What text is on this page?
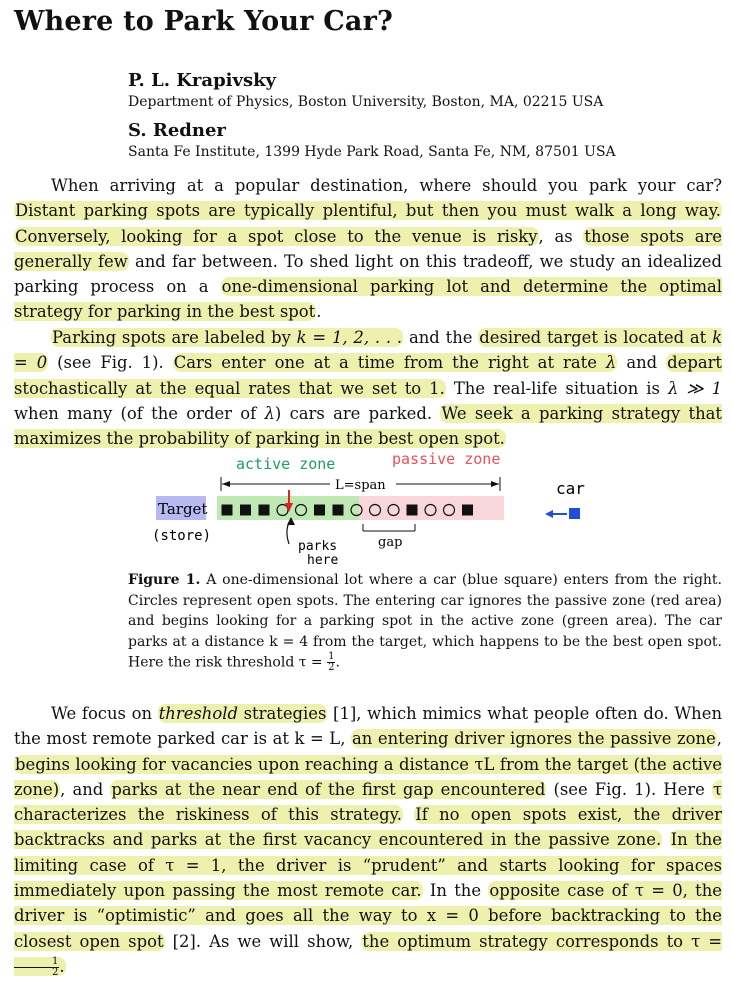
Where to Park Your Car?
P. L. Krapivsky
Department of Physics, Boston University, Boston, MA, 02215 USA
S. Redner
Santa Fe Institute, 1399 Hyde Park Road, Santa Fe, NM, 87501 USA
When arriving at a popular destination, where should you park your car? Distant parking spots are typically plentiful, but then you must walk a long way. Conversely, looking for a spot close to the venue is risky, as those spots are generally few and far between. To shed light on this tradeoff, we study an idealized parking process on a one-dimensional parking lot and determine the optimal strategy for parking in the best spot.
Parking spots are labeled by k = 1, 2, . . . and the desired target is located at k = 0 (see Fig. 1). Cars enter one at a time from the right at rate λ and depart stochastically at the equal rates that we set to 1. The real-life situation is λ ≫ 1 when many (of the order of λ) cars are parked. We seek a parking strategy that maximizes the probability of parking in the best open spot.
active zone	passive zone
L=span
Target
(store)
parks
here
gap
car
Figure 1. A one-dimensional lot where a car (blue square) enters from the right. Circles represent open spots. The entering car ignores the passive zone (red area) and begins looking for a parking spot in the active zone (green area). The car parks at a distance k = 4 from the target, which happens to be the best open spot. Here the risk threshold $\tau = \frac{1}{2}$ .
We focus on threshold strategies [1], which mimics what people often do. When the most remote parked car is at k = L, an entering driver ignores the passive zone, begins looking for vacancies upon reaching a distance τL from the target (the active zone), and parks at the near end of the first gap encountered (see Fig. 1). Here τ characterizes the riskiness of this strategy. If no open spots exist, the driver backtracks and parks at the first vacancy encountered in the passive zone. In the limiting case of τ = 1, the driver is “prudent” and starts looking for spaces immediately upon passing the most remote car. In the opposite case of τ = 0, the driver is “optimistic” and goes all the way to x = 0 before backtracking to the closest open spot [2]. As we will show, the optimum strategy corresponds to τ =
$\frac{1}{2}$ .
